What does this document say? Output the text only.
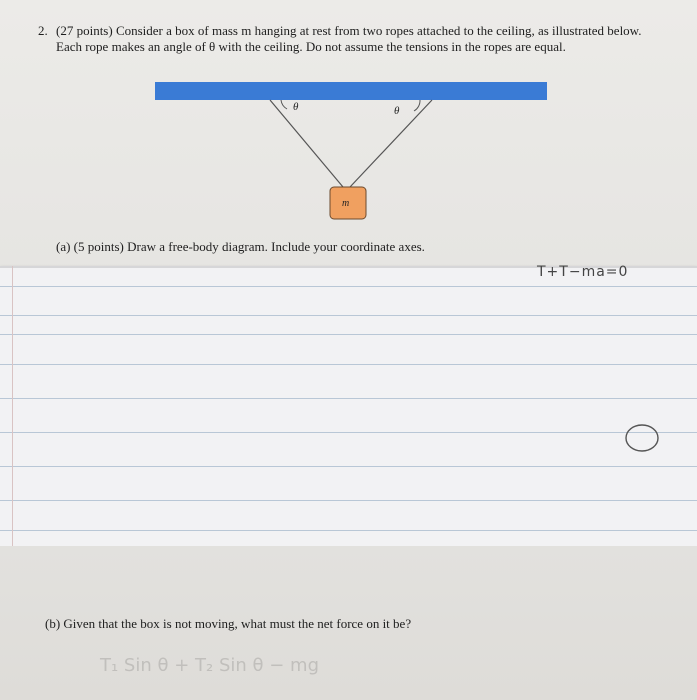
2. (27 points) Consider a box of mass m hanging at rest from two ropes attached to the ceiling, as illustrated below.
Each rope makes an angle of θ with the ceiling. Do not assume the tensions in the ropes are equal.
θ	θ
m
(a) (5 points) Draw a free-body diagram. Include your coordinate axes.
T+T−ma=0
(b) Given that the box is not moving, what must the net force on it be?
T₁ Sin θ + T₂ Sin θ − mg
